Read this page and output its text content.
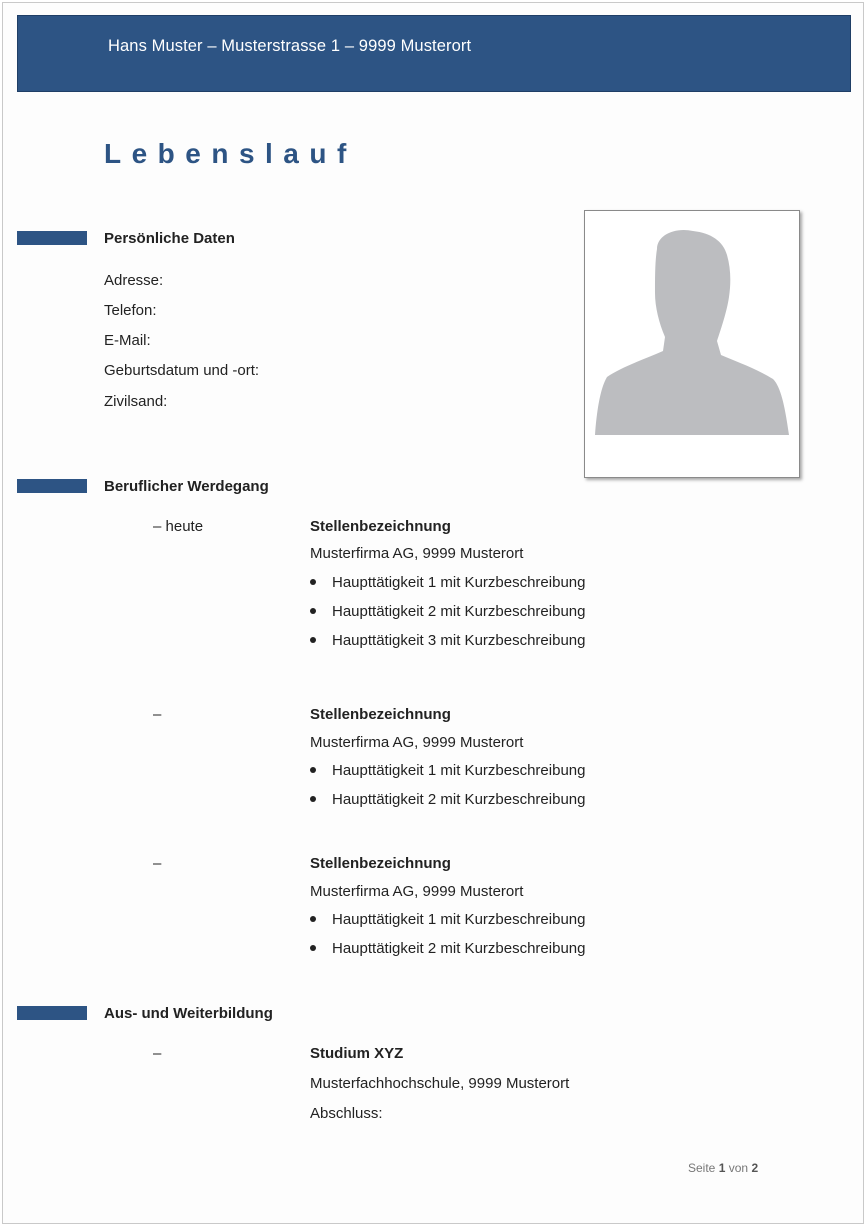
Hans Muster – Musterstrasse 1 – 9999 Musterort
Lebenslauf
Persönliche Daten
Adresse:
Telefon:
E-Mail:
Geburtsdatum und -ort:
Zivilsand:
Beruflicher Werdegang
– heute	Stellenbezeichnung
Musterfirma AG, 9999 Musterort
Haupttätigkeit 1 mit Kurzbeschreibung
Haupttätigkeit 2 mit Kurzbeschreibung
Haupttätigkeit 3 mit Kurzbeschreibung
–	Stellenbezeichnung
Musterfirma AG, 9999 Musterort
Haupttätigkeit 1 mit Kurzbeschreibung
Haupttätigkeit 2 mit Kurzbeschreibung
–	Stellenbezeichnung
Musterfirma AG, 9999 Musterort
Haupttätigkeit 1 mit Kurzbeschreibung
Haupttätigkeit 2 mit Kurzbeschreibung
Aus- und Weiterbildung
–	Studium XYZ
Musterfachhochschule, 9999 Musterort
Abschluss:
Seite 1 von 2
